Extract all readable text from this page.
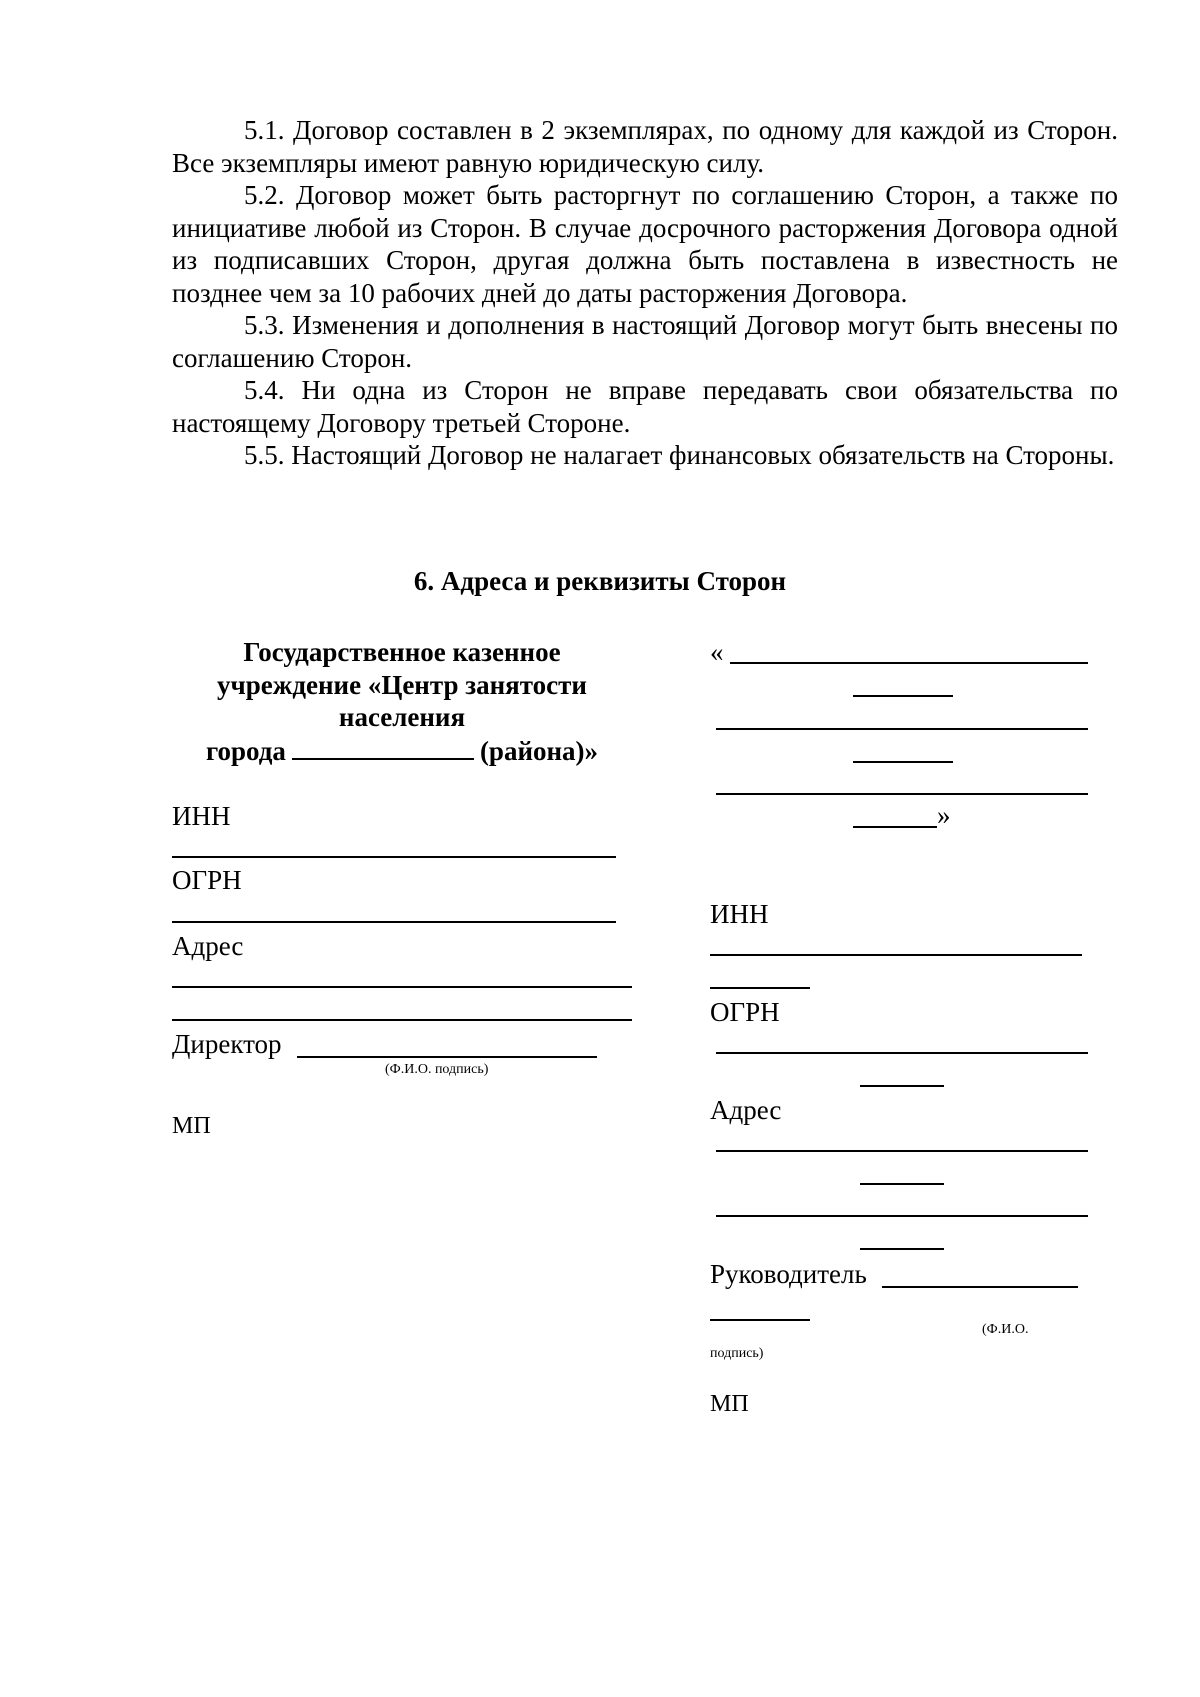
5.1. Договор составлен в 2 экземплярах, по одному для каждой из Сторон. Все экземпляры имеют равную юридическую силу.

5.2. Договор может быть расторгнут по соглашению Сторон, а также по инициативе любой из Сторон. В случае досрочного расторжения Договора одной из подписавших Сторон, другая должна быть поставлена в известность не позднее чем за 10 рабочих дней до даты расторжения Договора.

5.3. Изменения и дополнения в настоящий Договор могут быть внесены по соглашению Сторон.

5.4. Ни одна из Сторон не вправе передавать свои обязательства по настоящему Договору третьей Стороне.

5.5. Настоящий Договор не налагает финансовых обязательств на Стороны.

6. Адреса и реквизиты Сторон
Государственное казенное
учреждение «Центр занятости
населения
города	(района)»
ИНН
ОГРН
Адрес
Директор
(Ф.И.О. подпись)
МП
«
»
ИНН
ОГРН
Адрес
Руководитель
(Ф.И.О.
подпись)
МП
